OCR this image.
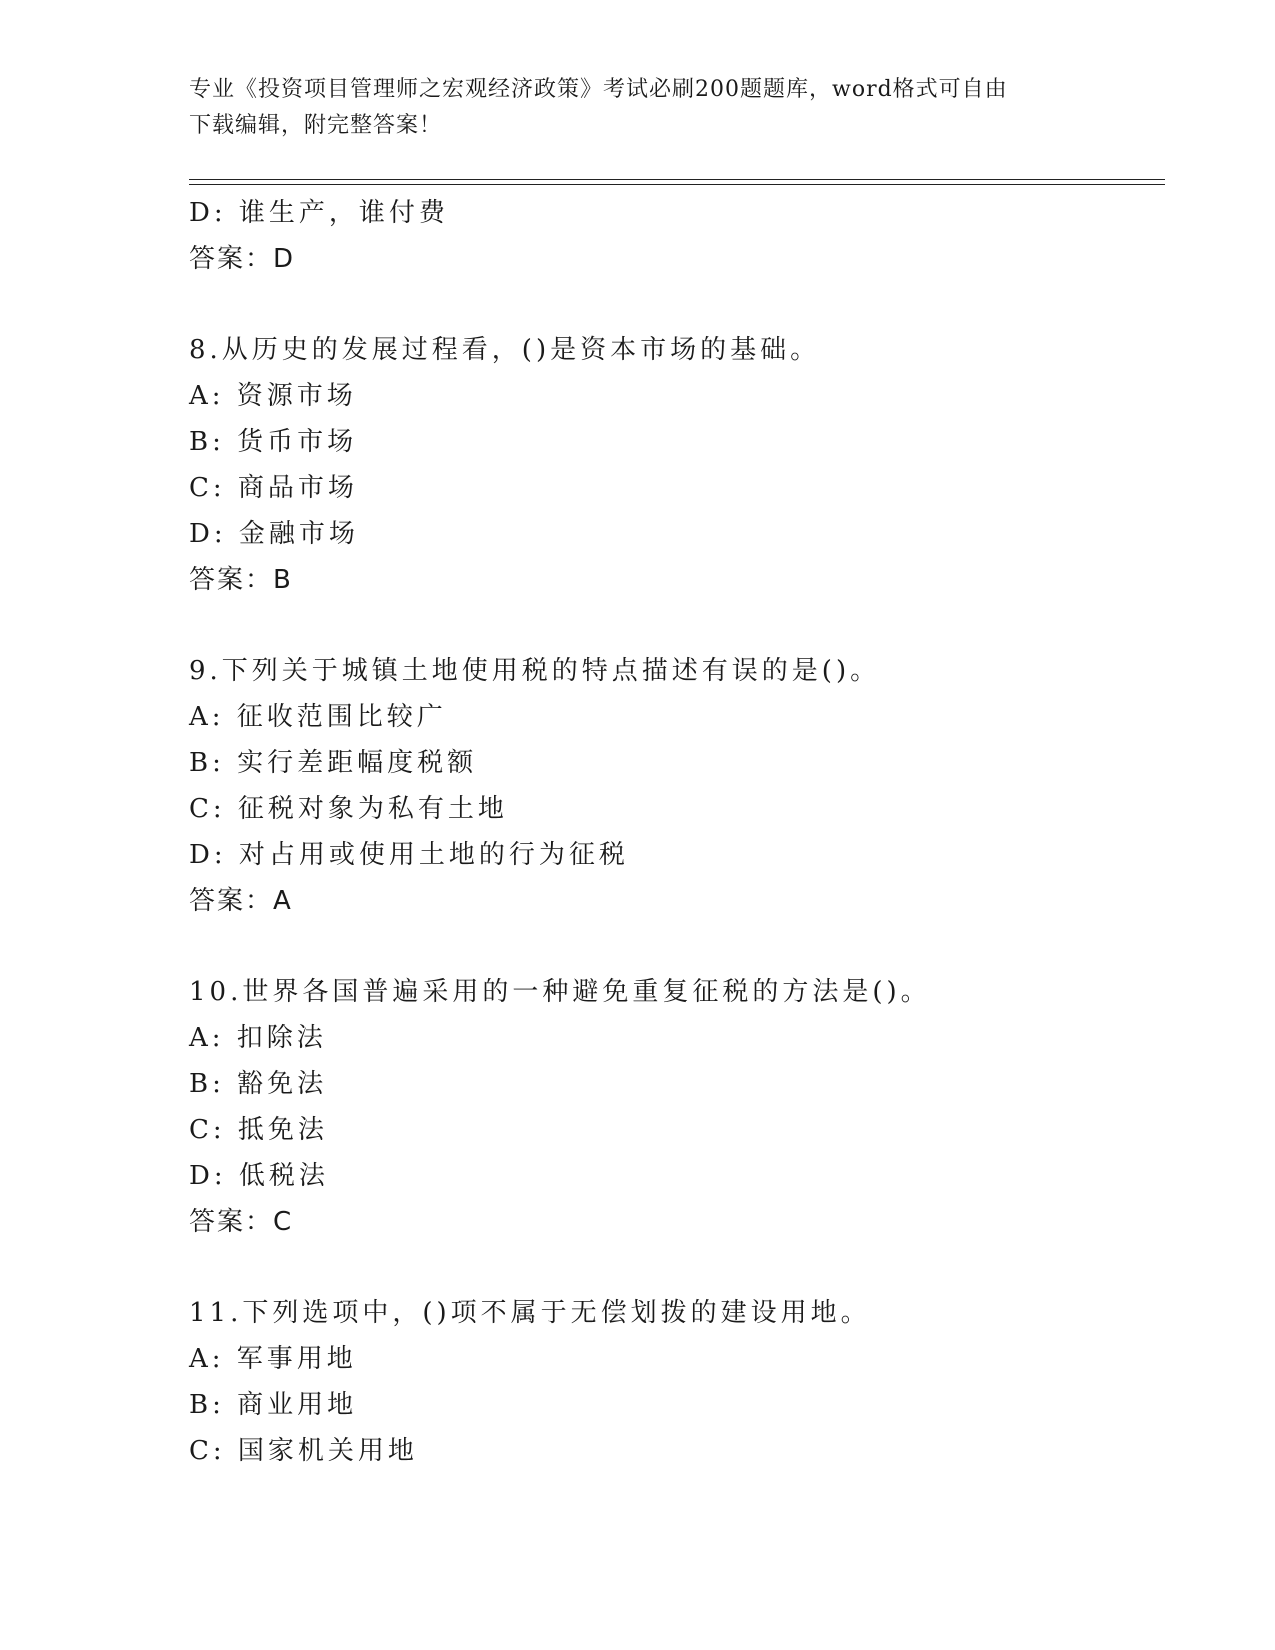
专业《投资项目管理师之宏观经济政策》考试必刷200题题库，word格式可自由
下载编辑，附完整答案！
D: 谁生产，谁付费
答案：D
8.从历史的发展过程看，()是资本市场的基础。
A: 资源市场
B: 货币市场
C: 商品市场
D: 金融市场
答案：B
9.下列关于城镇土地使用税的特点描述有误的是()。
A: 征收范围比较广
B: 实行差距幅度税额
C: 征税对象为私有土地
D: 对占用或使用土地的行为征税
答案：A
10.世界各国普遍采用的一种避免重复征税的方法是()。
A: 扣除法
B: 豁免法
C: 抵免法
D: 低税法
答案：C
11.下列选项中，()项不属于无偿划拨的建设用地。
A: 军事用地
B: 商业用地
C: 国家机关用地
